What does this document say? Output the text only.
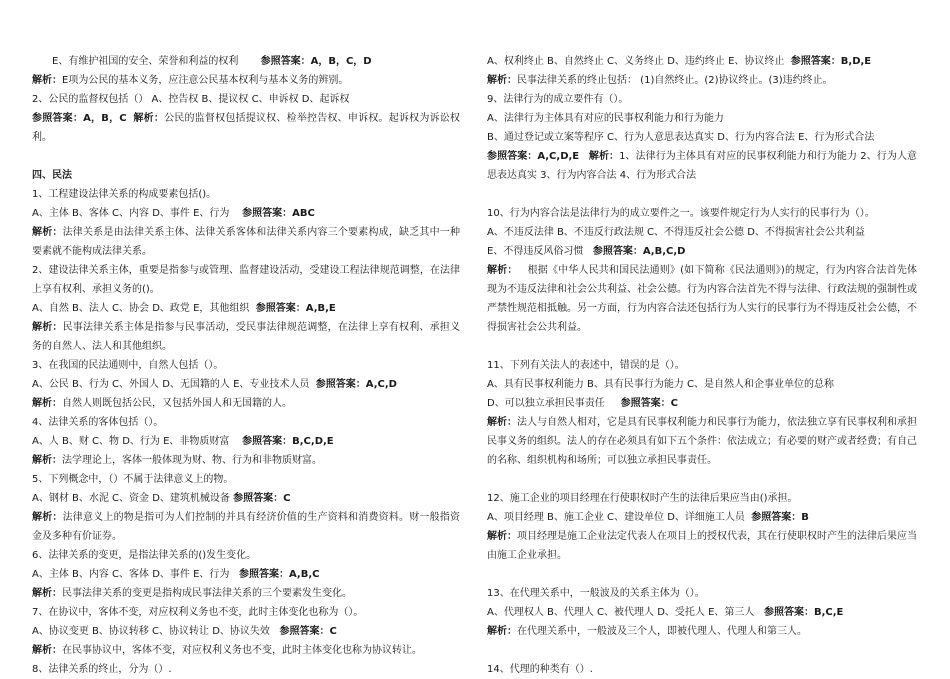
E、有维护祖国的安全、荣誉和利益的权利 参照答案：A，B，C，D
解析：E项为公民的基本义务，应注意公民基本权利与基本义务的辨别。
2、公民的监督权包括（） A、控告权 B、提议权 C、申诉权 D、起诉权
参照答案：A，B，C 解析：公民的监督权包括提议权、检举控告权、申诉权。起诉权为诉讼权利。
四、民法
1、工程建设法律关系的构成要素包括()。
A、主体 B、客体 C、内容 D、事件 E、行为 参照答案：ABC
解析：法律关系是由法律关系主体、法律关系客体和法律关系内容三个要素构成，缺乏其中一种要素就不能构成法律关系。
2、建设法律关系主体，重要是指参与或管理、监督建设活动，受建设工程法律规范调整，在法律上享有权利、承担义务的()。
A、自然 B、法人 C、协会 D、政党 E，其他组织 参照答案：A,B,E
解析：民事法律关系主体是指参与民事活动，受民事法律规范调整，在法律上享有权利、承担义务的自然人、法人和其他组织。
3、在我国的民法通则中，自然人包括（）。
A、公民 B、行为 C、外国人 D、无国籍的人 E、专业技术人员 参照答案：A,C,D
解析：自然人则既包括公民，又包括外国人和无国籍的人。
4、法律关系的客体包括（）。
A、人 B、财 C、物 D、行为 E、非物质财富 参照答案：B,C,D,E
解析：法学理论上，客体一般体现为财、物、行为和非物质财富。
5、下列概念中，（）不属于法律意义上的物。
A、钢材 B、水泥 C、资金 D、建筑机械设备 参照答案：C
解析：法律意义上的物是指可为人们控制的并具有经济价值的生产资料和消费资料。财一般指资金及多种有价证券。
6、法律关系的变更，是指法律关系的()发生变化。
A、主体 B、内容 C、客体 D、事件 E、行为 参照答案：A,B,C
解析：民事法律关系的变更是指构成民事法律关系的三个要素发生变化。
7、在协议中，客体不变，对应权利义务也不变，此时主体变化也称为（）。
A、协议变更 B、协议转移 C、协议转让 D、协议失效 参照答案：C
解析：在民事协议中，客体不变，对应权利义务也不变，此时主体变化也称为协议转让。
8、法律关系的终止，分为（）.
A、权利终止 B、自然终止 C、义务终止 D、违约终止 E、协议终止 参照答案：B,D,E
解析：民事法律关系的终止包括： (1)自然终止。(2)协议终止。(3)违约终止。
9、法律行为的成立要件有（）。
A、法律行为主体具有对应的民事权利能力和行为能力
B、通过登记或立案等程序 C、行为人意思表达真实 D、行为内容合法 E、行为形式合法
参照答案：A,C,D,E 解析：1、法律行为主体具有对应的民事权利能力和行为能力 2、行为人意思表达真实 3、行为内容合法 4、行为形式合法
10、行为内容合法是法律行为的成立要件之一。该要件规定行为人实行的民事行为（）。
A、不违反法律 B、不违反行政法规 C、不得违反社会公德 D、不得损害社会公共利益
E、不得违反风俗习惯 参照答案：A,B,C,D
解析： 根据《中华人民共和国民法通则》(如下简称《民法通则》)的规定，行为内容合法首先体现为不违反法律和社会公共利益、社会公德。行为内容合法首先不得与法律、行政法规的强制性或严禁性规范相抵触。另一方面，行为内容合法还包括行为人实行的民事行为不得违反社会公德，不得损害社会公共利益。
11、下列有关法人的表述中，错误的是（）。
A、具有民事权利能力 B、具有民事行为能力 C、是自然人和企事业单位的总称
D、可以独立承担民事责任 参照答案：C
解析：法人与自然人相对，它是具有民事权利能力和民事行为能力，依法独立享有民事权利和承担民事义务的组织。法人的存在必须具有如下五个条件：依法成立；有必要的财产或者经费；有自己的名称、组织机构和场所；可以独立承担民事责任。
12、施工企业的项目经理在行使职权时产生的法律后果应当由()承担。
A、项目经理 B、施工企业 C、建设单位 D、详细施工人员 参照答案：B
解析：项目经理是施工企业法定代表人在项目上的授权代表，其在行使职权时产生的法律后果应当由施工企业承担。
13、在代理关系中，一般波及的关系主体为（）。
A、代理权人 B、代理人 C、被代理人 D、受托人 E、第三人 参照答案：B,C,E
解析：在代理关系中，一般波及三个人，即被代理人、代理人和第三人。
14、代理的种类有（）.
